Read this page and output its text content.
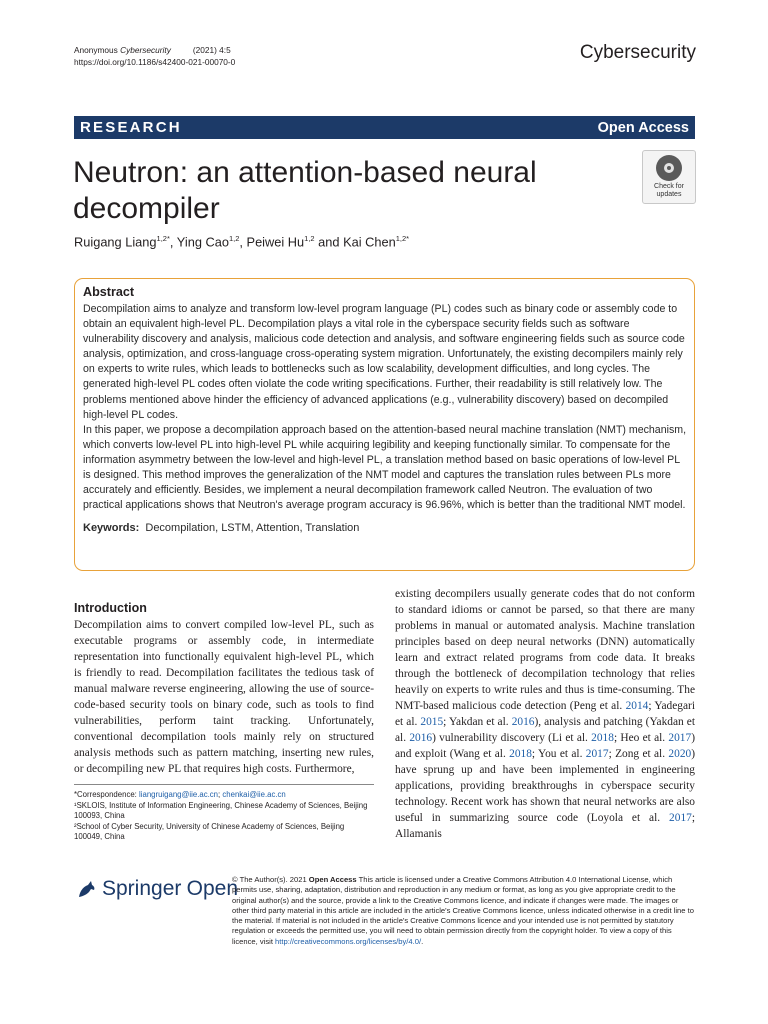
Anonymous Cybersecurity	(2021) 4:5
https://doi.org/10.1186/s42400-021-00070-0	Cybersecurity
RESEARCH	Open Access
Neutron: an attention-based neural decompiler
Check for updates
Ruigang Liang$^{1,2*}$, Ying Cao$^{1,2}$, Peiwei Hu$^{1,2}$ and Kai Chen$^{1,2*}$
Abstract

Decompilation aims to analyze and transform low-level program language (PL) codes such as binary code or assembly code to obtain an equivalent high-level PL. Decompilation plays a vital role in the cyberspace security fields such as software vulnerability discovery and analysis, malicious code detection and analysis, and software engineering fields such as source code analysis, optimization, and cross-language cross-operating system migration. Unfortunately, the existing decompilers mainly rely on experts to write rules, which leads to bottlenecks such as low scalability, development difficulties, and long cycles. The generated high-level PL codes often violate the code writing specifications. Further, their readability is still relatively low. The problems mentioned above hinder the efficiency of advanced applications (e.g., vulnerability discovery) based on decompiled high-level PL codes.

In this paper, we propose a decompilation approach based on the attention-based neural machine translation (NMT) mechanism, which converts low-level PL into high-level PL while acquiring legibility and keeping functionally similar. To compensate for the information asymmetry between the low-level and high-level PL, a translation method based on basic operations of low-level PL is designed. This method improves the generalization of the NMT model and captures the translation rules between PLs more accurately and efficiently. Besides, we implement a neural decompilation framework called Neutron. The evaluation of two practical applications shows that Neutron's average program accuracy is 96.96%, which is better than the traditional NMT model.

Keywords: Decompilation, LSTM, Attention, Translation

Introduction
Decompilation aims to convert compiled low-level PL, such as executable programs or assembly code, in intermediate representation into functionally equivalent high-level PL, which is friendly to read. Decompilation facilitates the tedious task of manual malware reverse engineering, allowing the use of source-code-based security tools on binary code, such as tools to find vulnerabilities, perform taint tracking. Unfortunately, conventional decompilation tools mainly rely on structured analysis methods such as pattern matching, inserting new rules, or decompiling new PL that requires high costs. Furthermore,
existing decompilers usually generate codes that do not conform to standard idioms or cannot be parsed, so that there are many problems in manual or automated analysis. Machine translation principles based on deep neural networks (DNN) automatically learn and extract related programs from code data. It breaks through the bottleneck of decompilation technology that relies heavily on experts to write rules and thus is time-consuming. The NMT-based malicious code detection (Peng et al. 2014; Yadegari et al. 2015; Yakdan et al. 2016), analysis and patching (Yakdan et al. 2016) vulnerability discovery (Li et al. 2018; Heo et al. 2017) and exploit (Wang et al. 2018; You et al. 2017; Zong et al. 2020) have sprung up and have been implemented in engineering applications, providing breakthroughs in cyberspace security technology. Recent work has shown that neural networks are also useful in summarizing source code (Loyola et al. 2017; Allamanis
*Correspondence: liangruigang@iie.ac.cn; chenkai@iie.ac.cn
¹SKLOIS, Institute of Information Engineering, Chinese Academy of Sciences, Beijing 100093, China
²School of Cyber Security, University of Chinese Academy of Sciences, Beijing 100049, China
Springer Open
© The Author(s). 2021 Open Access This article is licensed under a Creative Commons Attribution 4.0 International License, which permits use, sharing, adaptation, distribution and reproduction in any medium or format, as long as you give appropriate credit to the original author(s) and the source, provide a link to the Creative Commons licence, and indicate if changes were made. The images or other third party material in this article are included in the article's Creative Commons licence, unless indicated otherwise in a credit line to the material. If material is not included in the article's Creative Commons licence and your intended use is not permitted by statutory regulation or exceeds the permitted use, you will need to obtain permission directly from the copyright holder. To view a copy of this licence, visit http://creativecommons.org/licenses/by/4.0/.
